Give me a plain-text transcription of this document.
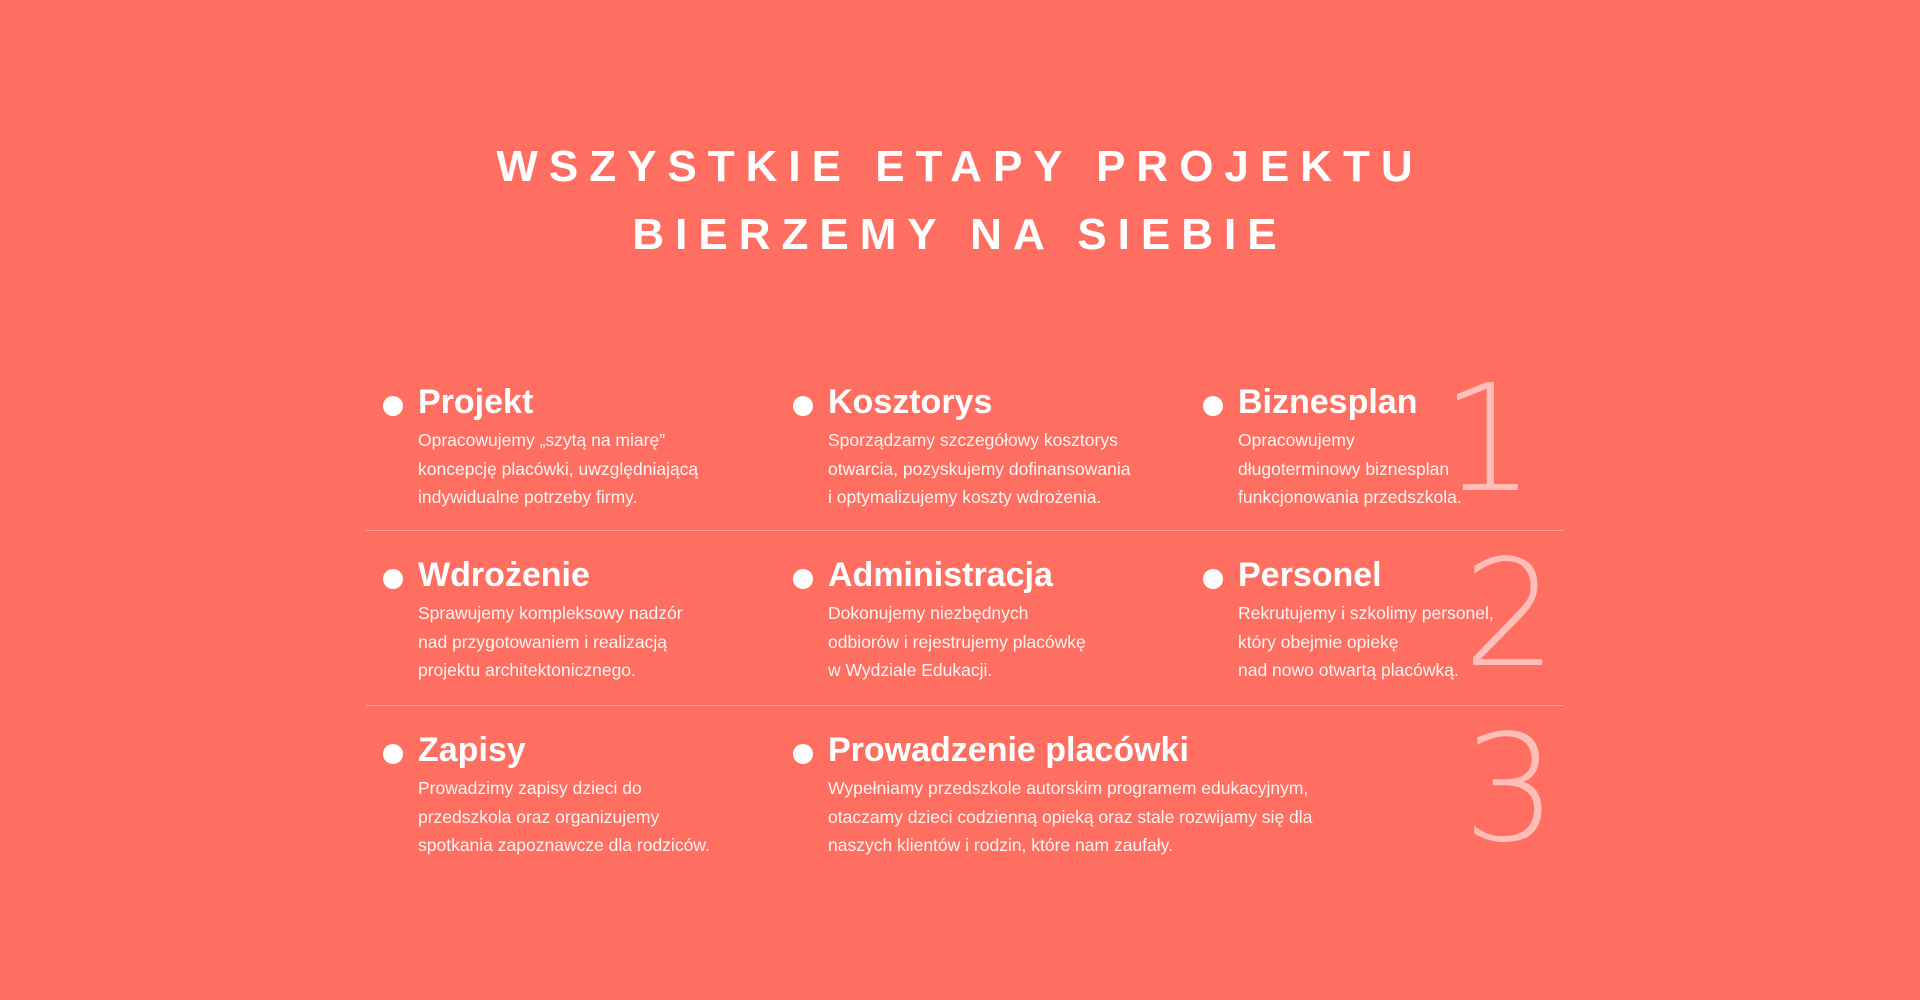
WSZYSTKIE ETAPY PROJEKTU
BIERZEMY NA SIEBIE
Projekt
Opracowujemy „szytą na miarę”
koncepcję placówki, uwzględniającą
indywidualne potrzeby firmy.
Kosztorys
Sporządzamy szczegółowy kosztorys
otwarcia, pozyskujemy dofinansowania
i optymalizujemy koszty wdrożenia.
Biznesplan
Opracowujemy
długoterminowy biznesplan
funkcjonowania przedszkola.
1
Wdrożenie
Sprawujemy kompleksowy nadzór
nad przygotowaniem i realizacją
projektu architektonicznego.
Administracja
Dokonujemy niezbędnych
odbiorów i rejestrujemy placówkę
w Wydziale Edukacji.
Personel
Rekrutujemy i szkolimy personel,
który obejmie opiekę
nad nowo otwartą placówką. 2
Zapisy
Prowadzimy zapisy dzieci do
przedszkola oraz organizujemy
spotkania zapoznawcze dla rodziców.
Prowadzenie placówki
Wypełniamy przedszkole autorskim programem edukacyjnym,
otaczamy dzieci codzienną opieką oraz stale rozwijamy się dla
naszych klientów i rodzin, które nam zaufały.	3
